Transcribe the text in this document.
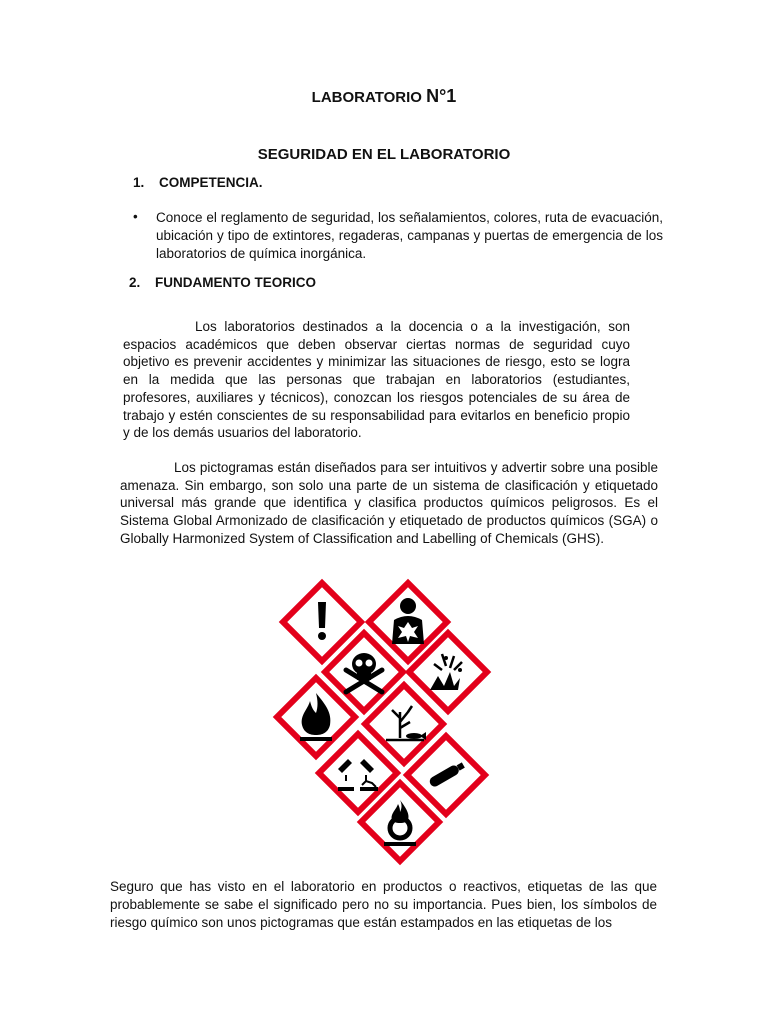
LABORATORIO N°1
SEGURIDAD EN EL LABORATORIO
1. COMPETENCIA.
• Conoce el reglamento de seguridad, los señalamientos, colores, ruta de evacuación, ubicación y tipo de extintores, regaderas, campanas y puertas de emergencia de los laboratorios de química inorgánica.
2. FUNDAMENTO TEORICO
Los laboratorios destinados a la docencia o a la investigación, son espacios académicos que deben observar ciertas normas de seguridad cuyo objetivo es prevenir accidentes y minimizar las situaciones de riesgo, esto se logra en la medida que las personas que trabajan en laboratorios (estudiantes, profesores, auxiliares y técnicos), conozcan los riesgos potenciales de su área de trabajo y estén conscientes de su responsabilidad para evitarlos en beneficio propio y de los demás usuarios del laboratorio.
Los pictogramas están diseñados para ser intuitivos y advertir sobre una posible amenaza. Sin embargo, son solo una parte de un sistema de clasificación y etiquetado universal más grande que identifica y clasifica productos químicos peligrosos. Es el Sistema Global Armonizado de clasificación y etiquetado de productos químicos (SGA) o Globally Harmonized System of Classification and Labelling of Chemicals (GHS).
Seguro que has visto en el laboratorio en productos o reactivos, etiquetas de las que probablemente se sabe el significado pero no su importancia. Pues bien, los símbolos de riesgo químico son unos pictogramas que están estampados en las etiquetas de los
